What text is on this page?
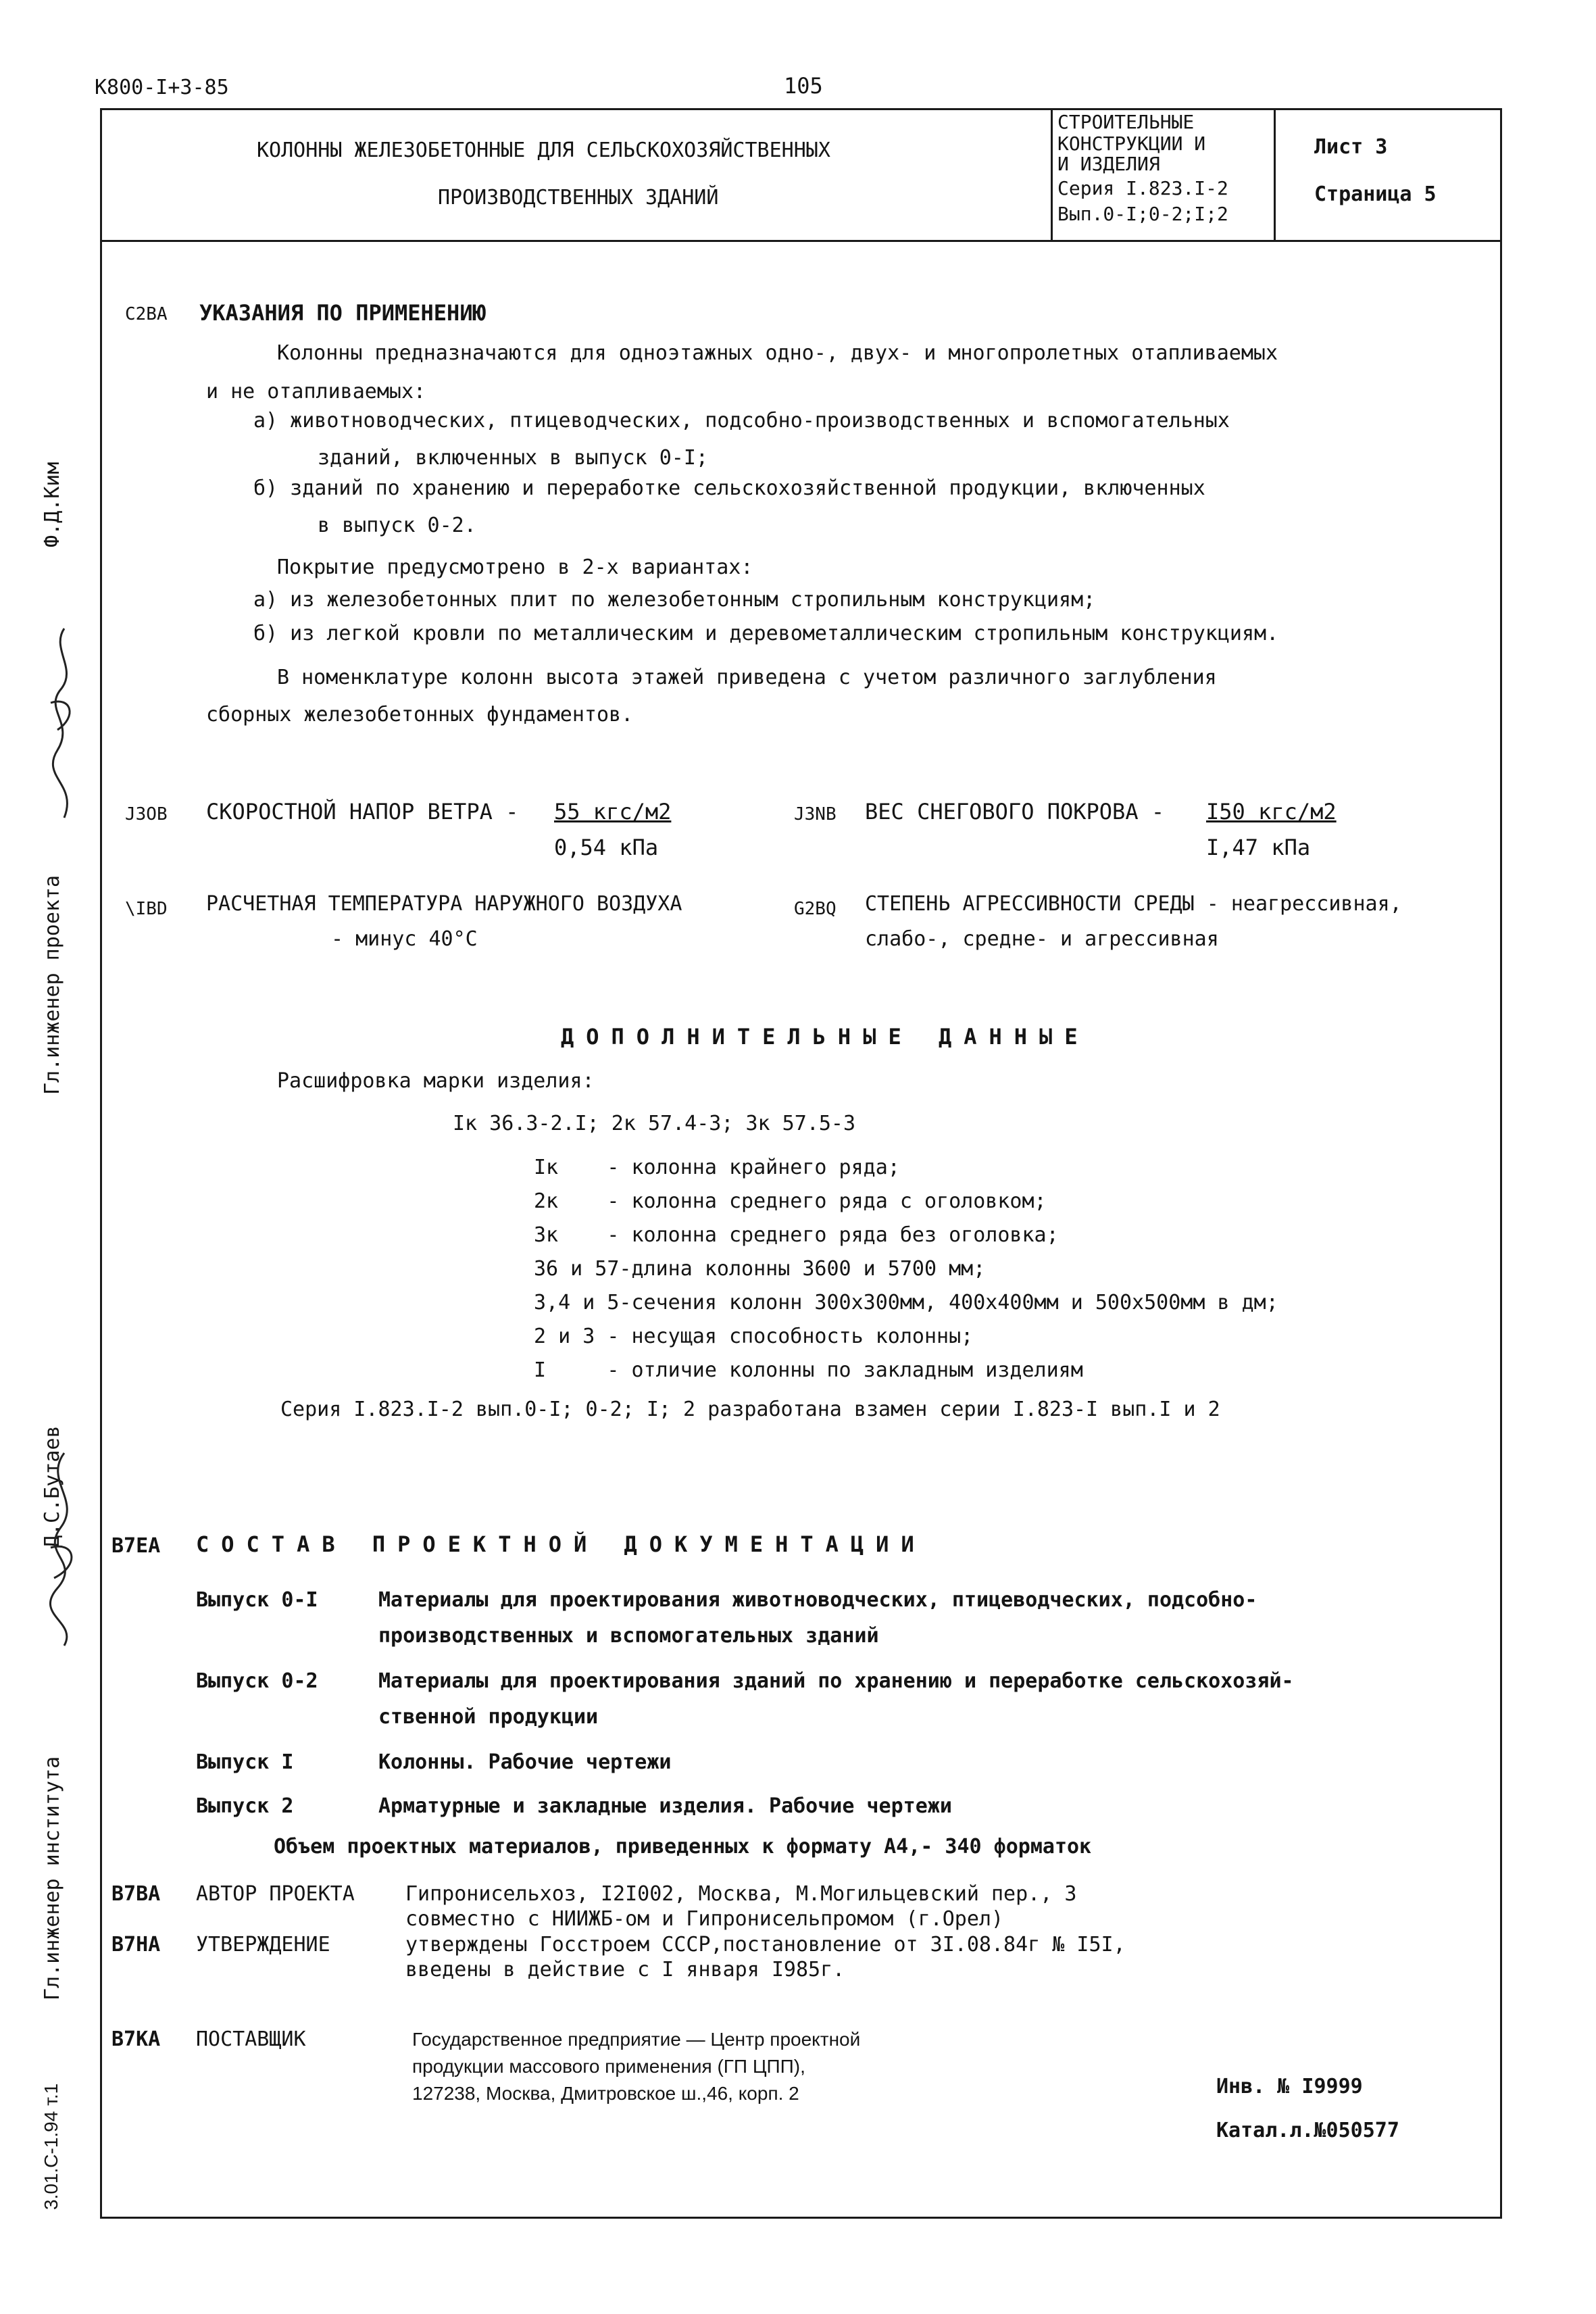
К800-I+3-85	105
КОЛОННЫ ЖЕЛЕЗОБЕТОННЫЕ ДЛЯ СЕЛЬСКОХОЗЯЙСТВЕННЫХ
ПРОИЗВОДСТВЕННЫХ ЗДАНИЙ
СТРОИТЕЛЬНЫЕ
КОНСТРУКЦИИ И
И ИЗДЕЛИЯ
Серия I.823.I-2
Вып.0-I;0-2;I;2
Лист 3
Страница 5
Ф.Д.Ким
Гл.инженер проекта
Д.С.Бутаев
Гл.инженер института
3.01.С-1.94 т.1
С2ВА УКАЗАНИЯ ПО ПРИМЕНЕНИЮ
Колонны предназначаются для одноэтажных одно-, двух- и многопролетных отапливаемых
и не отапливаемых:
а) животноводческих, птицеводческих, подсобно-производственных и вспомогательных
зданий, включенных в выпуск 0-I;
б) зданий по хранению и переработке сельскохозяйственной продукции, включенных
в выпуск 0-2.
Покрытие предусмотрено в 2-х вариантах:
а) из железобетонных плит по железобетонным стропильным конструкциям;
б) из легкой кровли по металлическим и деревометаллическим стропильным конструкциям.
В номенклатуре колонн высота этажей приведена с учетом различного заглубления
сборных железобетонных фундаментов.
J3ОВ СКОРОСТНОЙ НАПОР ВЕТРА - 55 кгс/м2
0,54 кПа
J3NВ ВЕС СНЕГОВОГО ПОКРОВА - I50 кгс/м2
I,47 кПа
\IBD РАСЧЕТНАЯ ТЕМПЕРАТУРА НАРУЖНОГО ВОЗДУХА
- минус 40°С
G2BQ СТЕПЕНЬ АГРЕССИВНОСТИ СРЕДЫ - неагрессивная,
слабо-, средне- и агрессивная
ДОПОЛНИТЕЛЬНЫЕ ДАННЫЕ
Расшифровка марки изделия:
Iк 36.3-2.I; 2к 57.4-3; 3к 57.5-3
Iк    - колонна крайнего ряда;
2к    - колонна среднего ряда с оголовком;
3к    - колонна среднего ряда без оголовка;
36 и 57-длина колонны 3600 и 5700 мм;
3,4 и 5-сечения колонн 300х300мм, 400х400мм и 500х500мм в дм;
2 и 3 - несущая способность колонны;
I     - отличие колонны по закладным изделиям
Серия I.823.I-2 вып.0-I; 0-2; I; 2 разработана взамен серии I.823-I вып.I и 2
В7ЕА СОСТАВ ПРОЕКТНОЙ ДОКУМЕНТАЦИИ
Выпуск 0-I	Материалы для проектирования животноводческих, птицеводческих, подсобно-
производственных и вспомогательных зданий
Выпуск 0-2	Материалы для проектирования зданий по хранению и переработке сельскохозяй-
ственной продукции
Выпуск I	Колонны. Рабочие чертежи
Выпуск 2	Арматурные и закладные изделия. Рабочие чертежи
Объем проектных материалов, приведенных к формату А4,- 340 форматок
В7ВА АВТОР ПРОЕКТА	Гипронисельхоз, I2I002, Москва, М.Могильцевский пер., 3
совместно с НИИЖБ-ом и Гипронисельпромом (г.Орел)
В7НА УТВЕРЖДЕНИЕ	утверждены Госстроем СССР,постановление от 3I.08.84г № I5I,
введены в действие с I января I985г.
В7КА ПОСТАВЩИК	Государственное предприятие — Центр проектной
продукции массового применения (ГП ЦПП),
127238, Москва, Дмитровское ш.,46, корп. 2	Инв. № I9999
Катал.л.№050577
